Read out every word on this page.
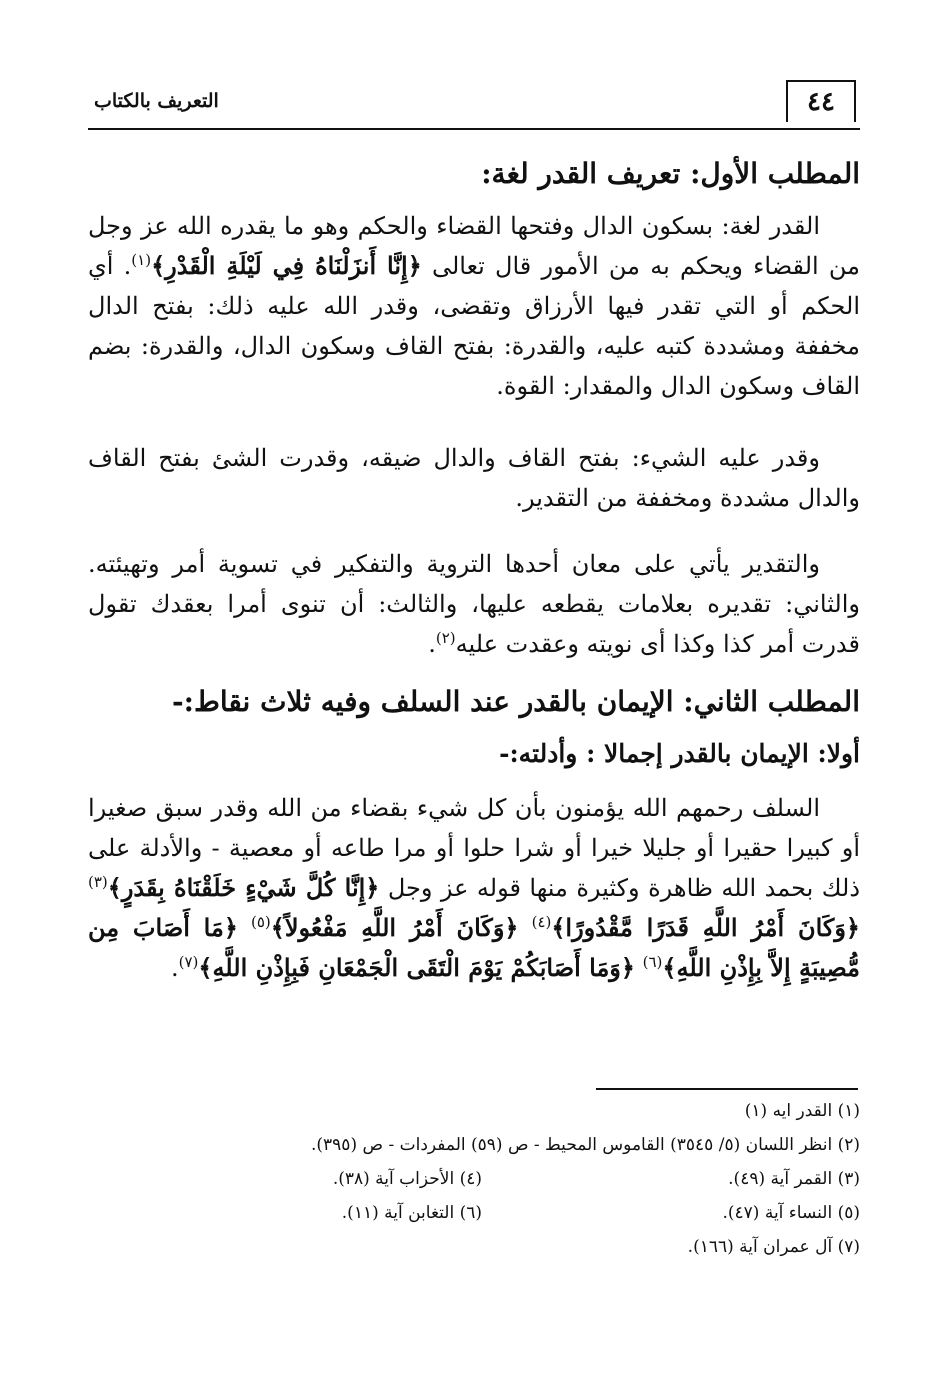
٤٤
التعريف بالكتاب
المطلب الأول: تعريف القدر لغة:
القدر لغة: بسكون الدال وفتحها القضاء والحكم وهو ما يقدره الله عز وجل من القضاء ويحكم به من الأمور قال تعالى ﴿إِنَّا أَنزَلْنَاهُ فِي لَيْلَةِ الْقَدْرِ﴾$^{(١)}$. أي الحكم أو التي تقدر فيها الأرزاق وتقضى، وقدر الله عليه ذلك: بفتح الدال مخففة ومشددة كتبه عليه، والقدرة: بفتح القاف وسكون الدال، والقدرة: بضم القاف وسكون الدال والمقدار: القوة.
وقدر عليه الشيء: بفتح القاف والدال ضيقه، وقدرت الشئ بفتح القاف والدال مشددة ومخففة من التقدير.
والتقدير يأتي على معان أحدها التروية والتفكير في تسوية أمر وتهيئته. والثاني: تقديره بعلامات يقطعه عليها، والثالث: أن تنوى أمرا بعقدك تقول قدرت أمر كذا وكذا أى نويته وعقدت عليه$^{(٢)}$.
المطلب الثاني: الإيمان بالقدر عند السلف وفيه ثلاث نقاط:-
أولا: الإيمان بالقدر إجمالا : وأدلته:-
السلف رحمهم الله يؤمنون بأن كل شيء بقضاء من الله وقدر سبق صغيرا أو كبيرا حقيرا أو جليلا خيرا أو شرا حلوا أو مرا طاعه أو معصية - والأدلة على ذلك بحمد الله ظاهرة وكثيرة منها قوله عز وجل ﴿إِنَّا كُلَّ شَيْءٍ خَلَقْنَاهُ بِقَدَرٍ﴾$^{(٣)}$ ﴿وَكَانَ أَمْرُ اللَّهِ قَدَرًا مَّقْدُورًا﴾$^{(٤)}$ ﴿وَكَانَ أَمْرُ اللَّهِ مَفْعُولاً﴾$^{(٥)}$ ﴿مَا أَصَابَ مِن مُّصِيبَةٍ إِلاَّ بِإِذْنِ اللَّهِ﴾$^{(٦)}$ ﴿وَمَا أَصَابَكُمْ يَوْمَ الْتَقَى الْجَمْعَانِ فَبِإِذْنِ اللَّهِ﴾$^{(٧)}$.
(١) القدر ايه (١)
(٢) انظر اللسان (٥/ ٣٥٤٥) القاموس المحيط - ص (٥٩) المفردات - ص (٣٩٥).
(٣) القمر آية (٤٩).
(٤) الأحزاب آية (٣٨).
(٥) النساء آية (٤٧).
(٦) التغابن آية (١١).
(٧) آل عمران آية (١٦٦).
